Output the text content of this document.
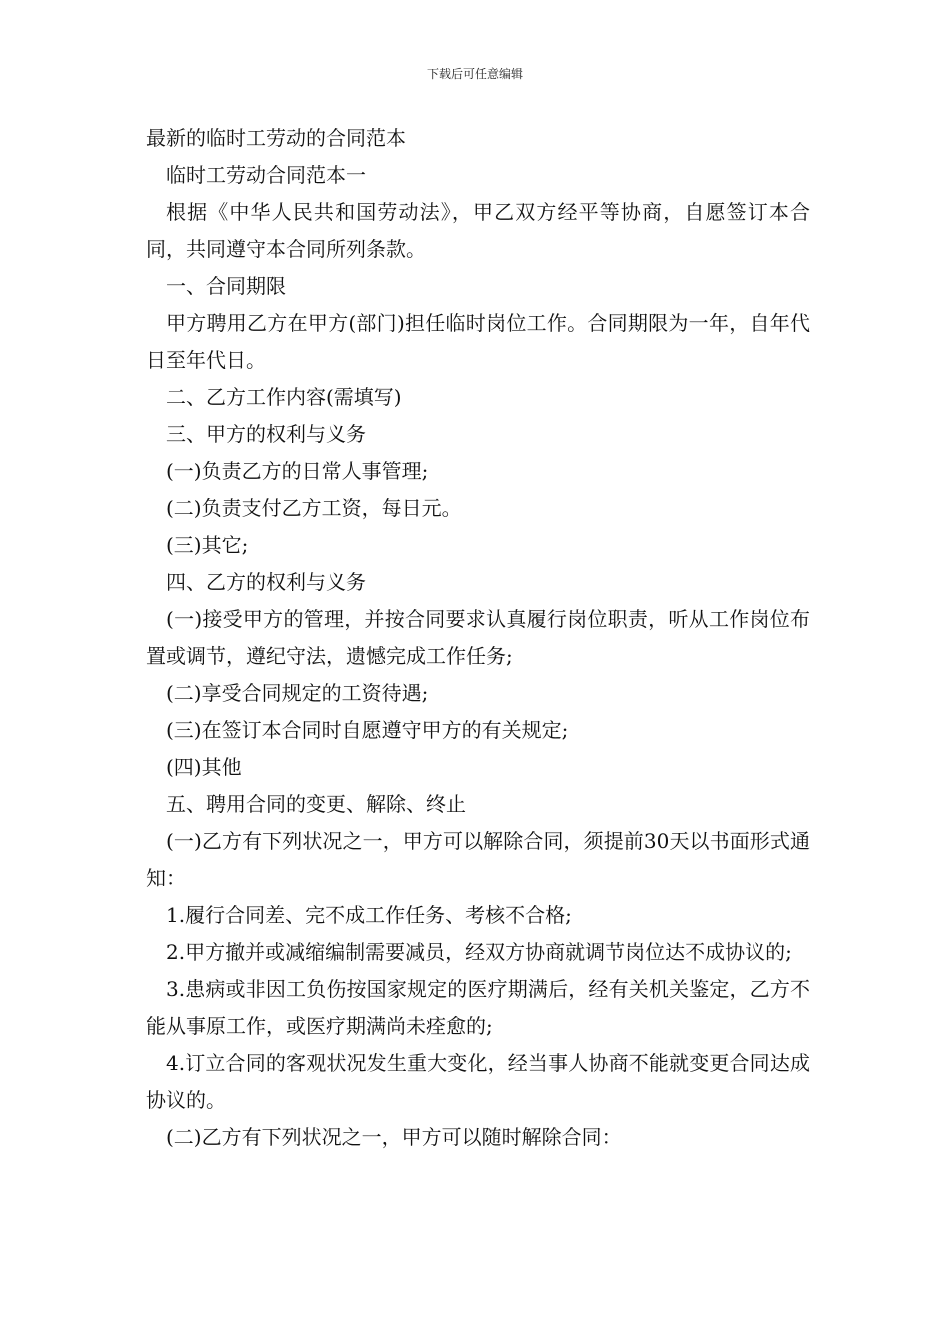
下载后可任意编辑

最新的临时工劳动的合同范本

临时工劳动合同范本一

根据《中华人民共和国劳动法》，甲乙双方经平等协商，自愿签订本合同，共同遵守本合同所列条款。

一、合同期限

甲方聘用乙方在甲方(部门)担任临时岗位工作。合同期限为一年，自年代日至年代日。

二、乙方工作内容(需填写)

三、甲方的权利与义务

(一)负责乙方的日常人事管理;

(二)负责支付乙方工资，每日元。

(三)其它;

四、乙方的权利与义务

(一)接受甲方的管理，并按合同要求认真履行岗位职责，听从工作岗位布置或调节，遵纪守法，遗憾完成工作任务;

(二)享受合同规定的工资待遇;

(三)在签订本合同时自愿遵守甲方的有关规定;

(四)其他

五、聘用合同的变更、解除、终止

(一)乙方有下列状况之一，甲方可以解除合同，须提前30天以书面形式通知：

1.履行合同差、完不成工作任务、考核不合格;

2.甲方撤并或减缩编制需要减员，经双方协商就调节岗位达不成协议的;

3.患病或非因工负伤按国家规定的医疗期满后，经有关机关鉴定，乙方不能从事原工作，或医疗期满尚未痊愈的;

4.订立合同的客观状况发生重大变化，经当事人协商不能就变更合同达成协议的。

(二)乙方有下列状况之一，甲方可以随时解除合同：
